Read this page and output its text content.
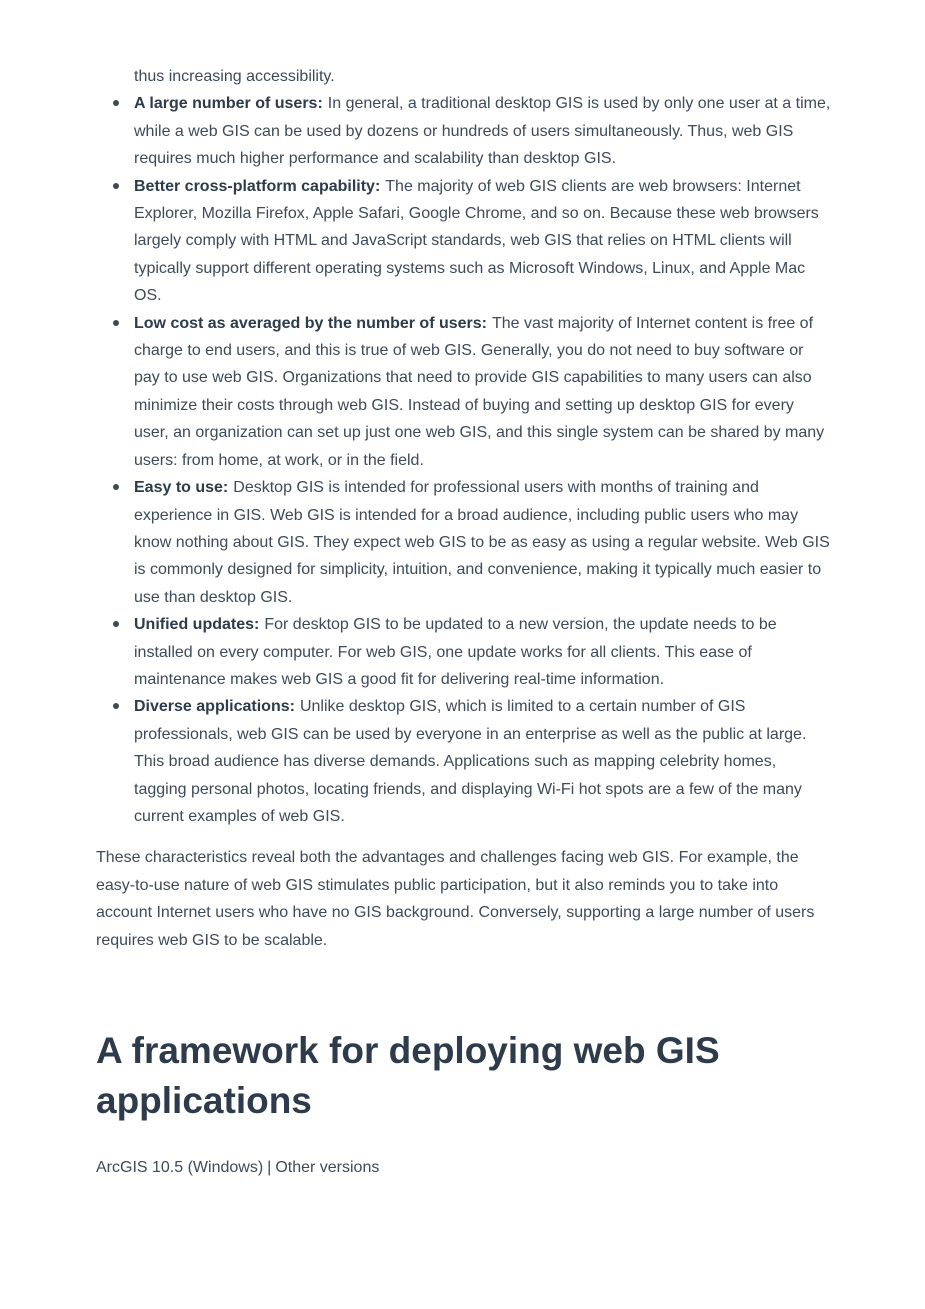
thus increasing accessibility.

A large number of users: In general, a traditional desktop GIS is used by only one user at a time, while a web GIS can be used by dozens or hundreds of users simultaneously. Thus, web GIS requires much higher performance and scalability than desktop GIS.
Better cross-platform capability: The majority of web GIS clients are web browsers: Internet Explorer, Mozilla Firefox, Apple Safari, Google Chrome, and so on. Because these web browsers largely comply with HTML and JavaScript standards, web GIS that relies on HTML clients will typically support different operating systems such as Microsoft Windows, Linux, and Apple Mac OS.
Low cost as averaged by the number of users: The vast majority of Internet content is free of charge to end users, and this is true of web GIS. Generally, you do not need to buy software or pay to use web GIS. Organizations that need to provide GIS capabilities to many users can also minimize their costs through web GIS. Instead of buying and setting up desktop GIS for every user, an organization can set up just one web GIS, and this single system can be shared by many users: from home, at work, or in the field.
Easy to use: Desktop GIS is intended for professional users with months of training and experience in GIS. Web GIS is intended for a broad audience, including public users who may know nothing about GIS. They expect web GIS to be as easy as using a regular website. Web GIS is commonly designed for simplicity, intuition, and convenience, making it typically much easier to use than desktop GIS.
Unified updates: For desktop GIS to be updated to a new version, the update needs to be installed on every computer. For web GIS, one update works for all clients. This ease of maintenance makes web GIS a good fit for delivering real-time information.
Diverse applications: Unlike desktop GIS, which is limited to a certain number of GIS professionals, web GIS can be used by everyone in an enterprise as well as the public at large. This broad audience has diverse demands. Applications such as mapping celebrity homes, tagging personal photos, locating friends, and displaying Wi-Fi hot spots are a few of the many current examples of web GIS.

These characteristics reveal both the advantages and challenges facing web GIS. For example, the easy-to-use nature of web GIS stimulates public participation, but it also reminds you to take into account Internet users who have no GIS background. Conversely, supporting a large number of users requires web GIS to be scalable.

A framework for deploying web GIS applications
ArcGIS 10.5 (Windows) | Other versions
